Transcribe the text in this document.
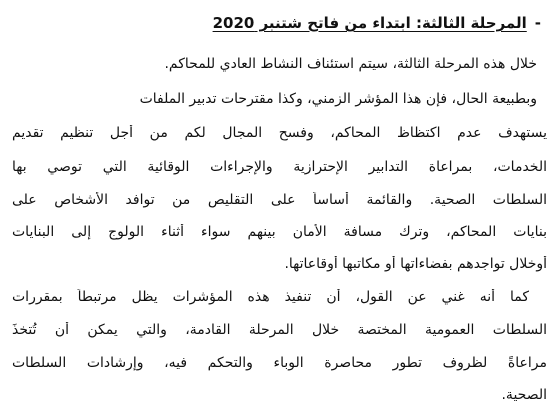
-المرحلة الثالثة: ابتداء من فاتح شتنبر 2020
خلال هذه المرحلة الثالثة، سيتم استئناف النشاط العادي للمحاكم.
وبطبيعة الحال، فإن هذا المؤشر الزمني، وكذا مقترحات تدبير الملفات
يستهدف عدم اكتظاظ المحاكم، وفسح المجال لكم من أجل تنظيم تقديم
الخدمات، بمراعاة التدابير الإحترازية والإجراءات الوقائية التي توصي بها
السلطات الصحية. والقائمة أساساً على التقليص من توافد الأشخاص على
بنايات المحاكم، وترك مسافة الأمان بينهم سواء أثناء الولوج إلى البنايات
أوخلال تواجدهم بفضاءاتها أو مكاتبها أوقاعاتها.
كما أنه غني عن القول، أن تنفيذ هذه المؤشرات يظل مرتبطاً بمقررات
السلطات العمومية المختصة خلال المرحلة القادمة، والتي يمكن أن تُتخذَ
مراعاةً لظروف تطور محاصرة الوباء والتحكم فيه، وإرشادات السلطات
الصحية.
